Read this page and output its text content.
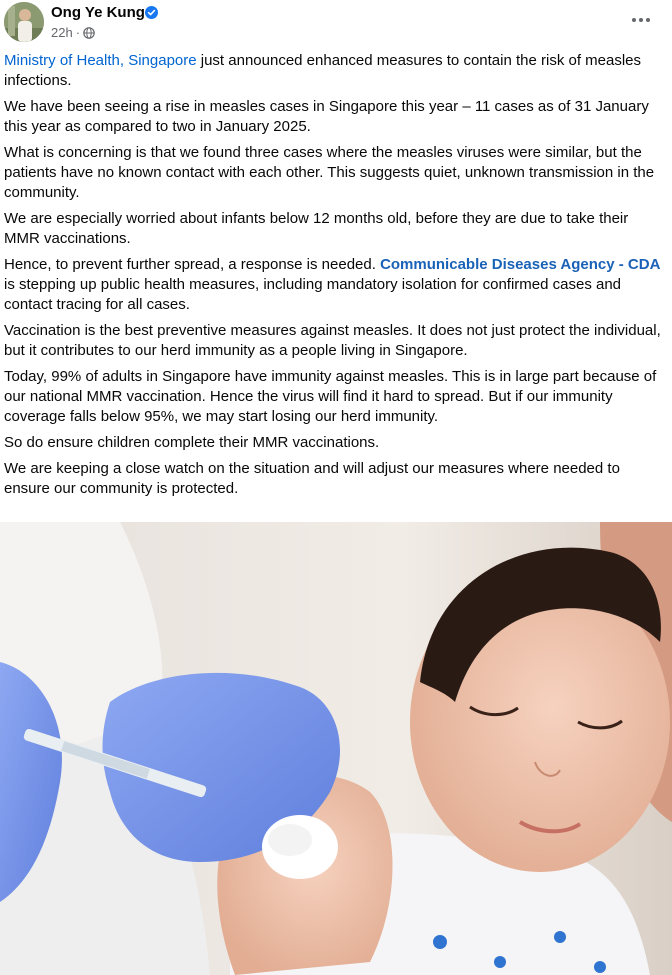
Ong Ye Kung
22h ·

Ministry of Health, Singapore just announced enhanced measures to contain the risk of measles infections.

We have been seeing a rise in measles cases in Singapore this year – 11 cases as of 31 January this year as compared to two in January 2025.

What is concerning is that we found three cases where the measles viruses were similar, but the patients have no known contact with each other. This suggests quiet, unknown transmission in the community.

We are especially worried about infants below 12 months old, before they are due to take their MMR vaccinations.

Hence, to prevent further spread, a response is needed. Communicable Diseases Agency - CDA is stepping up public health measures, including mandatory isolation for confirmed cases and contact tracing for all cases.

Vaccination is the best preventive measures against measles. It does not just protect the individual, but it contributes to our herd immunity as a people living in Singapore.

Today, 99% of adults in Singapore have immunity against measles. This is in large part because of our national MMR vaccination. Hence the virus will find it hard to spread. But if our immunity coverage falls below 95%, we may start losing our herd immunity.

So do ensure children complete their MMR vaccinations.

We are keeping a close watch on the situation and will adjust our measures where needed to ensure our community is protected.
